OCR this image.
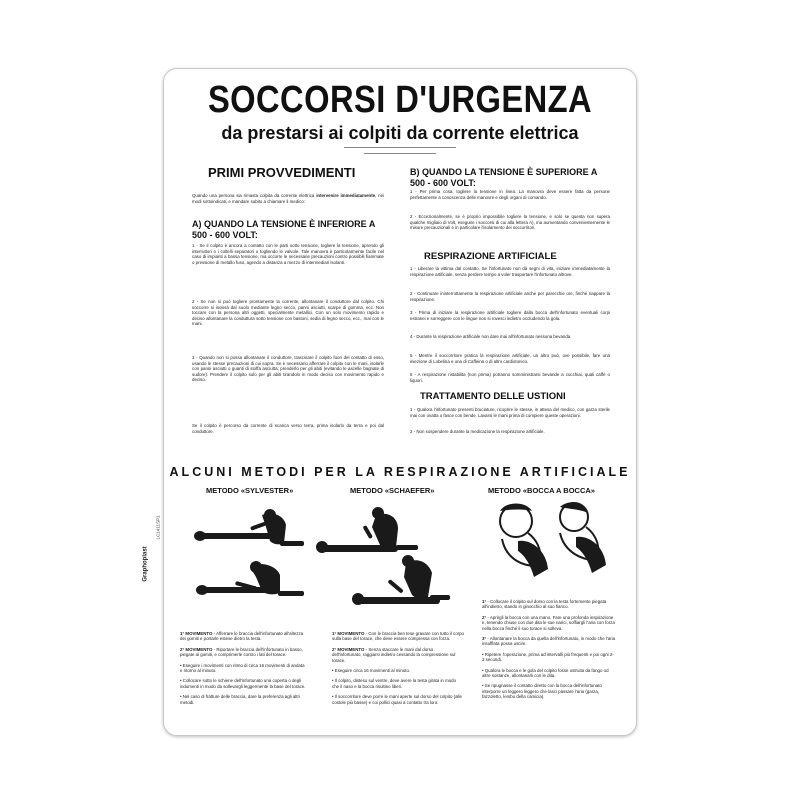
SOCCORSI D'URGENZA
da prestarsi ai colpiti da corrente elettrica
PRIMI PROVVEDIMENTI
Quando una persona sia rimasta colpita da corrente elettrica intervenire immediatamente, nei modi sottoindicati, e mandare subito a chiamare il medico:
A) QUANDO LA TENSIONE È INFERIORE A 500 - 600 VOLT:
1 - Se il colpito è ancora a contatto con le parti sotto tensione, togliere la tensione, aprendo gli interruttori o i coltelli separatori o togliendo le valvole. Tale manovra è particolarmente facile nel caso di impianti a bassa tensione, ma occorre le necessarie precauzioni contro possibili fiammate o pressione di metallo fuso, agendo a distanza a mezzo di intermediari isolanti.
2 - Se non si può togliere prontamente la corrente, allontanare il conduttore dal colpito. Chi soccorre si isolerà dal suolo mediante legno secco, panni asciutti, scarpe di gomma, ecc. Non toccare con la persona altri oggetti, specialmente metallici. Con un solo movimento rapido e deciso allontanare la conduttura sotto tensione con bastoni, sedia di legno secco, ecc., mai con le mani.
3 - Quando non si possa allontanare il conduttore, trascinare il colpito fuori del contatto di esso, usando le stesse precauzioni di cui sopra. Se è necessario afferrare il colpito con le mani, isolarle con panni asciutti o guanti di stoffa asciutta; prenderlo per gli abiti (evitando le ascelle bagnate di sudore). Prendere il colpito solo per gli abiti tirandolo in modo deciso con movimento rapido e deciso.
Se il colpito è percorso da corrente di scarica verso terra, prima isolarlo da terra e poi dal conduttore.
B) QUANDO LA TENSIONE È SUPERIORE A 500 - 600 VOLT:
1 - Per prima cosa, togliere la tensione in linea. La manovra deve essere fatta da persone perfettamente a conoscenza delle manovre e degli organi di comando.
2 - Eccezionalmente, se è proprio impossibile togliere la tensione, e solo se questa non supera qualche migliaio di Volt, eseguire i soccorsi di cui alla lettera A), ma aumentando convenientemente le misure precauzionali e in particolare l'isolamento dei soccorritori.
RESPIRAZIONE ARTIFICIALE
1 - Liberare la vittima dal contatto. Se l'infortunato non dà segni di vita, iniziare immediatamente la respirazione artificiale, senza perdere tempo a voler trasportare l'infortunato altrove.
2 - Continuare ininterrottamente la respirazione artificiale anche per parecchie ore, finché riappare la respirazione.
3 - Prima di iniziare la respirazione artificiale togliere dalla bocca dell'infortunato eventuali corpi estranei e sorreggere con le lingue non si rovesci indietro occludendo la gola.
4 - Durante la respirazione artificiale non dare mai all'infortunato nessuna bevanda.
5 - Mentre il soccorritore pratica la respirazione artificiale, un altro può, ove possibile, fare una iniezione di Lobelina e una di Caffeina o di altro cardiotonico.
6 - A respirazione ristabilita (non prima) potranno somministrarsi bevande a cucchiai, quali caffè o liquori.
TRATTAMENTO DELLE USTIONI
1 - Qualora l'infortunato presenti bruciature, ricoprire le stesse, in attesa del medico, con garza sterile mai con ovatta o fasce con bende. Lavarsi le mani prima di compiere queste operazioni.
2 - Non sospendere durante la medicazione la respirazione artificiale.
ALCUNI METODI PER LA RESPIRAZIONE ARTIFICIALE
METODO «SYLVESTER»	METODO «SCHAEFER»	METODO «BOCCA A BOCCA»
Graphoplast
LC1411SP1
1° MOVIMENTO - Afferrare le braccia dell'infortunato all'altezza dei gomiti e portarle estese dietro la testa.
2° MOVIMENTO - Riportare le braccia dell'infortunato in basso, piegate ai gomiti, e comprimerle contro i lati del torace.
• Eseguire i movimenti con ritmo di circa 16 movimenti di andata e ritorno al minuto.
• Collocare sotto le schiene dell'infortunato una coperta o degli indumenti in modo da sollevargli leggermente la base del torace.
• Nel caso di fratture delle braccia, dare la preferenza agli altri metodi.
1° MOVIMENTO - Con le braccia ben tese gravare con tutto il corpo sulla base del torace, che deve essere compressa con forza.
2° MOVIMENTO - Senza staccare le mani dal dorso dell'infortunato, raggiarsi indietro cessando la compressione sul torace.
• Eseguire circa 16 movimenti al minuto.
• Il colpito, disteso sul ventre, deve avere la testa girata in modo che il naso e la bocca risultino liberi.
• Il soccorritore deve porre le mani aperte sul dorso del colpito (alle costole più basse) e coi pollici quasi a contatto tra loro.
1° - Collocare il colpito sul dorso con la testa fortemente piegata all'indietro, stando in ginocchio al suo fianco.
2° - Aprirgli la bocca con una mano. Fare una profonda inspirazione e, tenendo chiuse con due dita le sue narici, soffiargli l'aria con forza nella bocca finché il suo torace si solleva.
3° - Allontanare la bocca da quella dell'infortunato, in modo che l'aria insufflata possa uscire.
• Ripetere l'operazione, prima ad intervalli più frequenti e poi ogni 2-3 secondi.
• Qualora le bocca e le gola del colpito fosse ostruita da fango od altre sostanze, allontanarli con le dita.
• Se ripugnasse il contatto diretto con la bocca dell'infortunato interporre un leggero leggero che lasci passare l'aria (garza, fazzoletto, lembo della camicia).
